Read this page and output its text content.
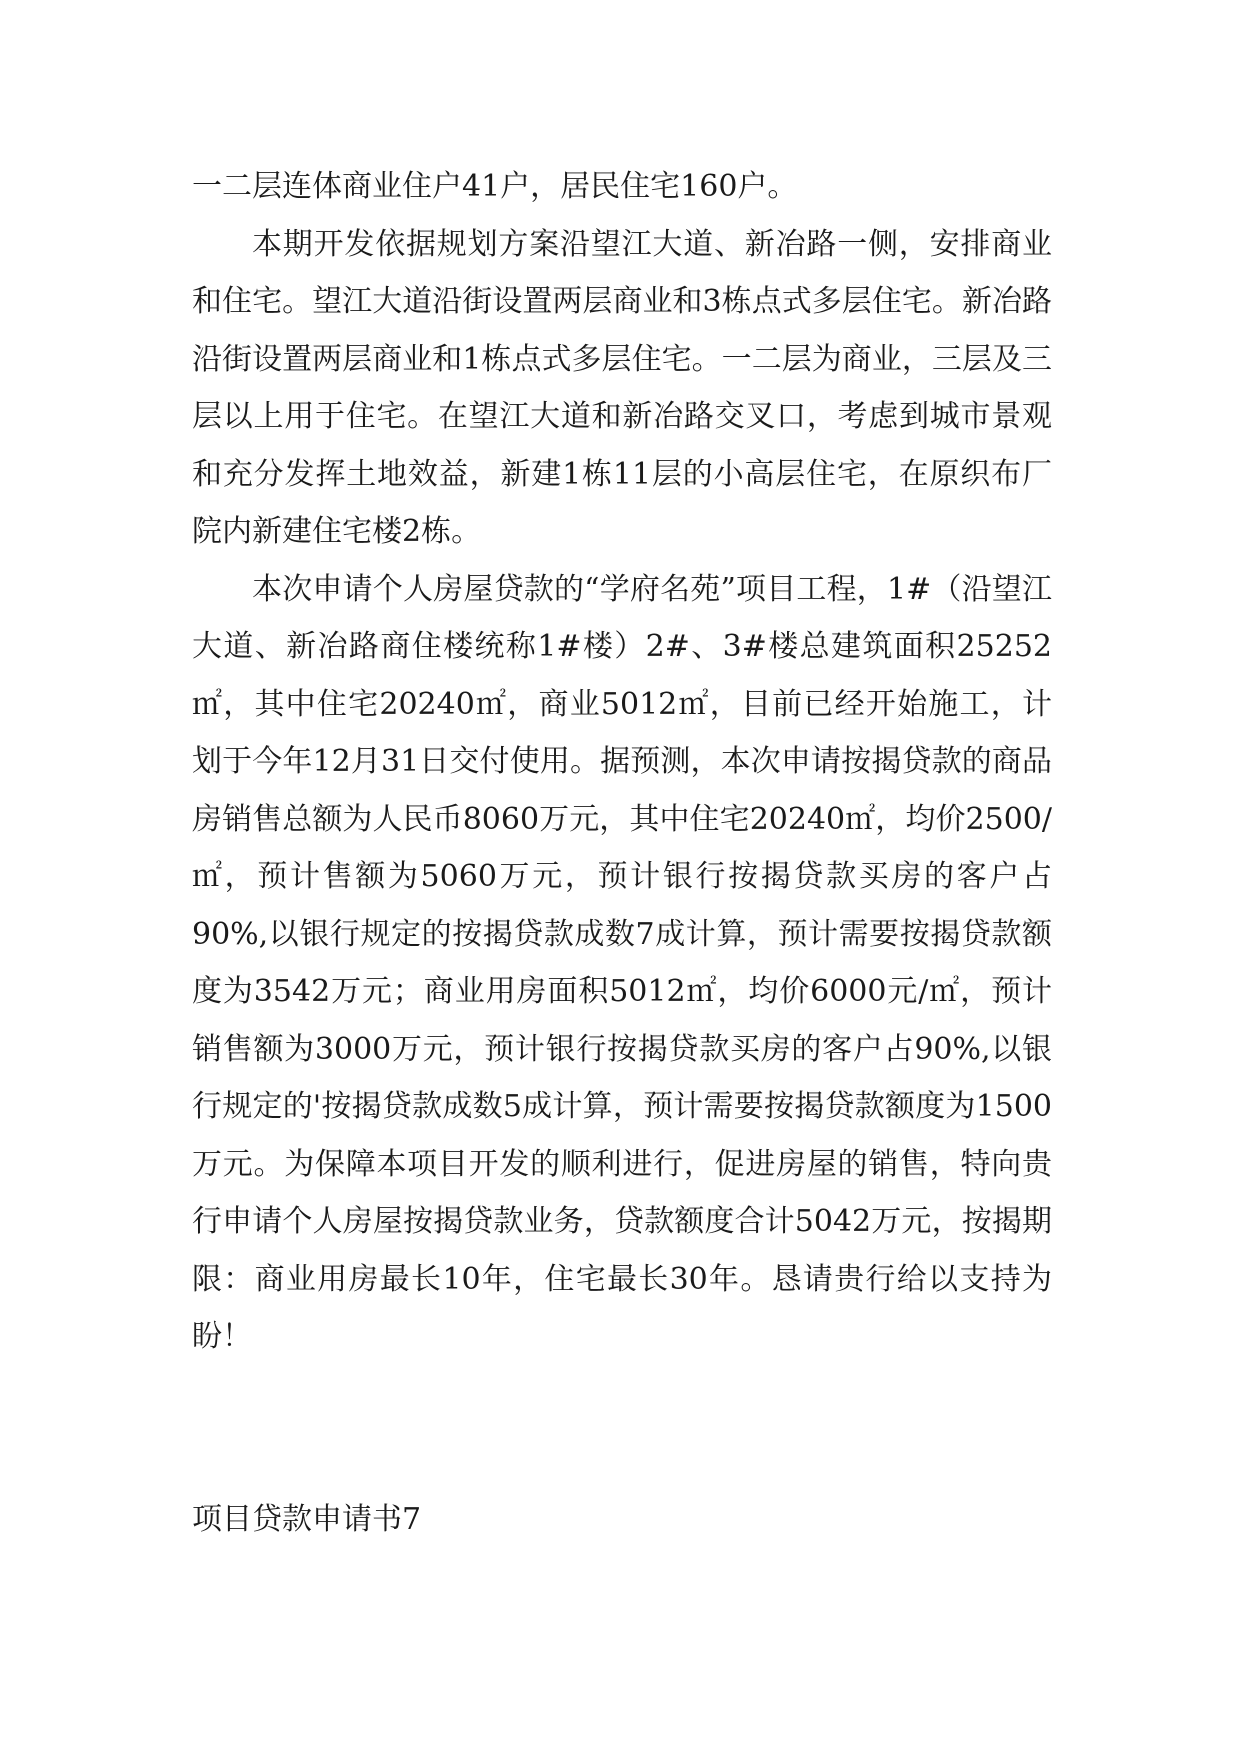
一二层连体商业住户41户，居民住宅160户。

本期开发依据规划方案沿望江大道、新冶路一侧，安排商业和住宅。望江大道沿街设置两层商业和3栋点式多层住宅。新冶路沿街设置两层商业和1栋点式多层住宅。一二层为商业，三层及三层以上用于住宅。在望江大道和新冶路交叉口，考虑到城市景观和充分发挥土地效益，新建1栋11层的小高层住宅，在原织布厂院内新建住宅楼2栋。

本次申请个人房屋贷款的“学府名苑”项目工程，1#（沿望江大道、新冶路商住楼统称1#楼）2#、3#楼总建筑面积25252㎡，其中住宅20240㎡，商业5012㎡，目前已经开始施工，计划于今年12月31日交付使用。据预测，本次申请按揭贷款的商品房销售总额为人民币8060万元，其中住宅20240㎡，均价2500/㎡，预计售额为5060万元，预计银行按揭贷款买房的客户占90%,以银行规定的按揭贷款成数7成计算，预计需要按揭贷款额度为3542万元；商业用房面积5012㎡，均价6000元/㎡，预计销售额为3000万元，预计银行按揭贷款买房的客户占90%,以银行规定的'按揭贷款成数5成计算，预计需要按揭贷款额度为1500万元。为保障本项目开发的顺利进行，促进房屋的销售，特向贵行申请个人房屋按揭贷款业务，贷款额度合计5042万元，按揭期限：商业用房最长10年，住宅最长30年。恳请贵行给以支持为盼！

项目贷款申请书7
